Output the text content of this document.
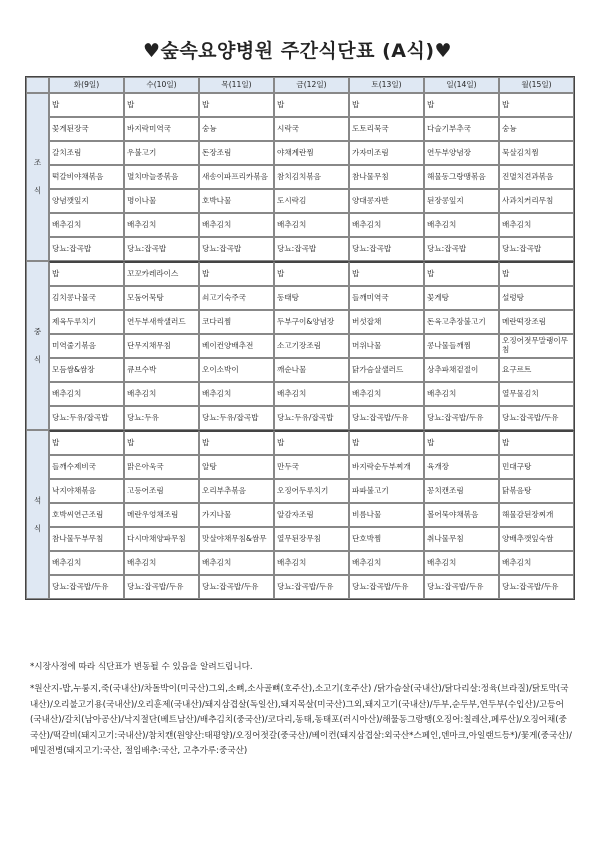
♥숲속요양병원 주간식단표 (A식)♥
	화(9일)	수(10일)	목(11일)	금(12일)	토(13일)	일(14일)	월(15일)

조
식	밥	밥	밥	밥	밥	밥	밥
	꽃게된장국	바지락미역국	숭늉	시락국	도토리묵국	다슬기부추국	숭늉
	갈치조림	우불고기	돈장조림	야채계란찜	가자미조림	연두부양념장	묵살김치찜
	떡갈비야채볶음	멸치마늘종볶음	새송이파프리카볶음	참치김치볶음	참나물무침	해물동그랑땡볶음	진멸치견과볶음
	양념깻잎지	명이나물	호박나물	도시락김	양대콩자반	된장콩잎지	사과치커리무침
	배추김치	배추김치	배추김치	배추김치	배추김치	배추김치	배추김치
	당뇨:잡곡밥	당뇨:잡곡밥	당뇨:잡곡밥	당뇨:잡곡밥	당뇨:잡곡밥	당뇨:잡곡밥	당뇨:잡곡밥

중
식	밥	꼬꼬카레라이스	밥	밥	밥	밥	밥
	김치콩나물국	모둠어묵탕	쇠고기숙주국	동태탕	들깨미역국	꽃게탕	설렁탕
	제육두루치기	연두부새싹샐러드	코다리찜	두부구이&양념장	버섯잡채	돈육고추장불고기	메란떡장조림
	미역줄기볶음	단무지채무침	베이컨양배추전	소고기장조림	머위나물	콩나물들깨찜	오징어젓무말랭이무침
	모듬쌈&쌈장	큐브수박	오이소박이	깨순나물	닭가슴살샐러드	상추파채겉절이	요구르트
	배추김치	배추김치	배추김치	배추김치	배추김치	배추김치	열무물김치
	당뇨:두유/잡곡밥	당뇨:두유	당뇨:두유/잡곡밥	당뇨:두유/잡곡밥	당뇨:잡곡밥/두유	당뇨:잡곡밥/두유	당뇨:잡곡밥/두유

석
식	밥	밥	밥	밥	밥	밥	밥
	들깨수제비국	맑은아욱국	알탕	만두국	바지락순두부찌개	육개장	민대구탕
	낙지야채볶음	고등어조림	오리부추볶음	오징어두루치기	파파불고기	꽁치캔조림	닭볶음탕
	호박씨연근조림	메란우엉채조림	가지나물	알감자조림	비름나물	볼어묵야채볶음	해물감된장찌개
	참나물두부무침	다시마채양파무침	맛살야채무침&쌈무	열무된장무침	단호박찜	취나물무침	양배추깻잎숙쌈
	배추김치	배추김치	배추김치	배추김치	배추김치	배추김치	배추김치
	당뇨:잡곡밥/두유	당뇨:잡곡밥/두유	당뇨:잡곡밥/두유	당뇨:잡곡밥/두유	당뇨:잡곡밥/두유	당뇨:잡곡밥/두유	당뇨:잡곡밥/두유
*시장사정에 따라 식단표가 변동될 수 있음을 알려드립니다.
*원산지-밥,누룽지,죽(국내산)/차돌박이(미국산)그외,소뼈,소사골뼈(호주산),소고기(호주산) /닭가슴살(국내산)/닭다리살:정육(브라질)/닭토막(국내산)/오리불고기용(국내산)/오리훈제(국내산)/돼지삼겹살(독일산),돼지목살(미국산)그외,돼지고기(국내산)/두부,순두부,연두부(수입산)/고등어(국내산)/갈치(남아공산)/낙지절단(베트남산)/배추김치(중국산)/코다리,동태,동태포(러시아산)/해물동그랑땡(오징어:칠레산,페루산)/오징어채(중국산)/떡갈비(돼지고기:국내산)/참치캔(원양산:태평양)/오징어젓갈(중국산)/베이컨(돼지삼겹살:외국산*스페인,덴마크,아일랜드등*)/꽃게(중국산)/메밀전병(돼지고기:국산, 절임배추:국산, 고추가루:중국산)
